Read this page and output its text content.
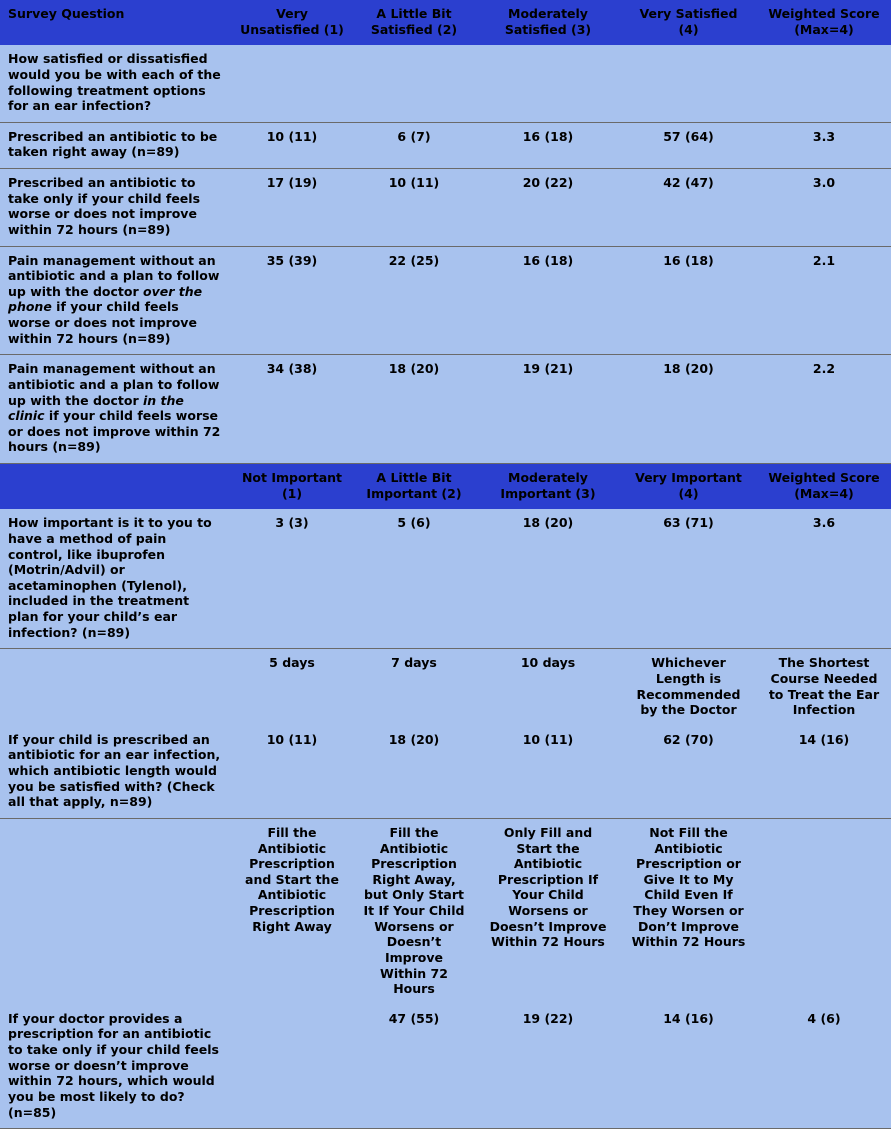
Survey Question	Very Unsatisfied (1)	A Little Bit Satisfied (2)	Moderately Satisfied (3)	Very Satisfied (4)	Weighted Score (Max=4)
How satisfied or dissatisfied would you be with each of the following treatment options for an ear infection?					
Prescribed an antibiotic to be taken right away (n=89)	10 (11)	6 (7)	16 (18)	57 (64)	3.3
Prescribed an antibiotic to take only if your child feels worse or does not improve within 72 hours (n=89)	17 (19)	10 (11)	20 (22)	42 (47)	3.0
Pain management without an antibiotic and a plan to follow up with the doctor over the phone if your child feels worse or does not improve within 72 hours (n=89)	35 (39)	22 (25)	16 (18)	16 (18)	2.1
Pain management without an antibiotic and a plan to follow up with the doctor in the clinic if your child feels worse or does not improve within 72 hours (n=89)	34 (38)	18 (20)	19 (21)	18 (20)	2.2
	Not Important (1)	A Little Bit Important (2)	Moderately Important (3)	Very Important (4)	Weighted Score (Max=4)
How important is it to you to have a method of pain control, like ibuprofen (Motrin/Advil) or acetaminophen (Tylenol), included in the treatment plan for your child’s ear infection? (n=89)	3 (3)	5 (6)	18 (20)	63 (71)	3.6
	5 days	7 days	10 days	Whichever Length is Recommended by the Doctor	The Shortest Course Needed to Treat the Ear Infection
If your child is prescribed an antibiotic for an ear infection, which antibiotic length would you be satisfied with? (Check all that apply, n=89)	10 (11)	18 (20)	10 (11)	62 (70)	14 (16)
	Fill the Antibiotic Prescription and Start the Antibiotic Prescription Right Away	Fill the Antibiotic Prescription Right Away, but Only Start It If Your Child Worsens or Doesn’t Improve Within 72 Hours	Only Fill and Start the Antibiotic Prescription If Your Child Worsens or Doesn’t Improve Within 72 Hours	Not Fill the Antibiotic Prescription or Give It to My Child Even If They Worsen or Don’t Improve Within 72 Hours	
If your doctor provides a prescription for an antibiotic to take only if your child feels worse or doesn’t improve within 72 hours, which would you be most likely to do? (n=85)		47 (55)	19 (22)	14 (16)	4 (6)
